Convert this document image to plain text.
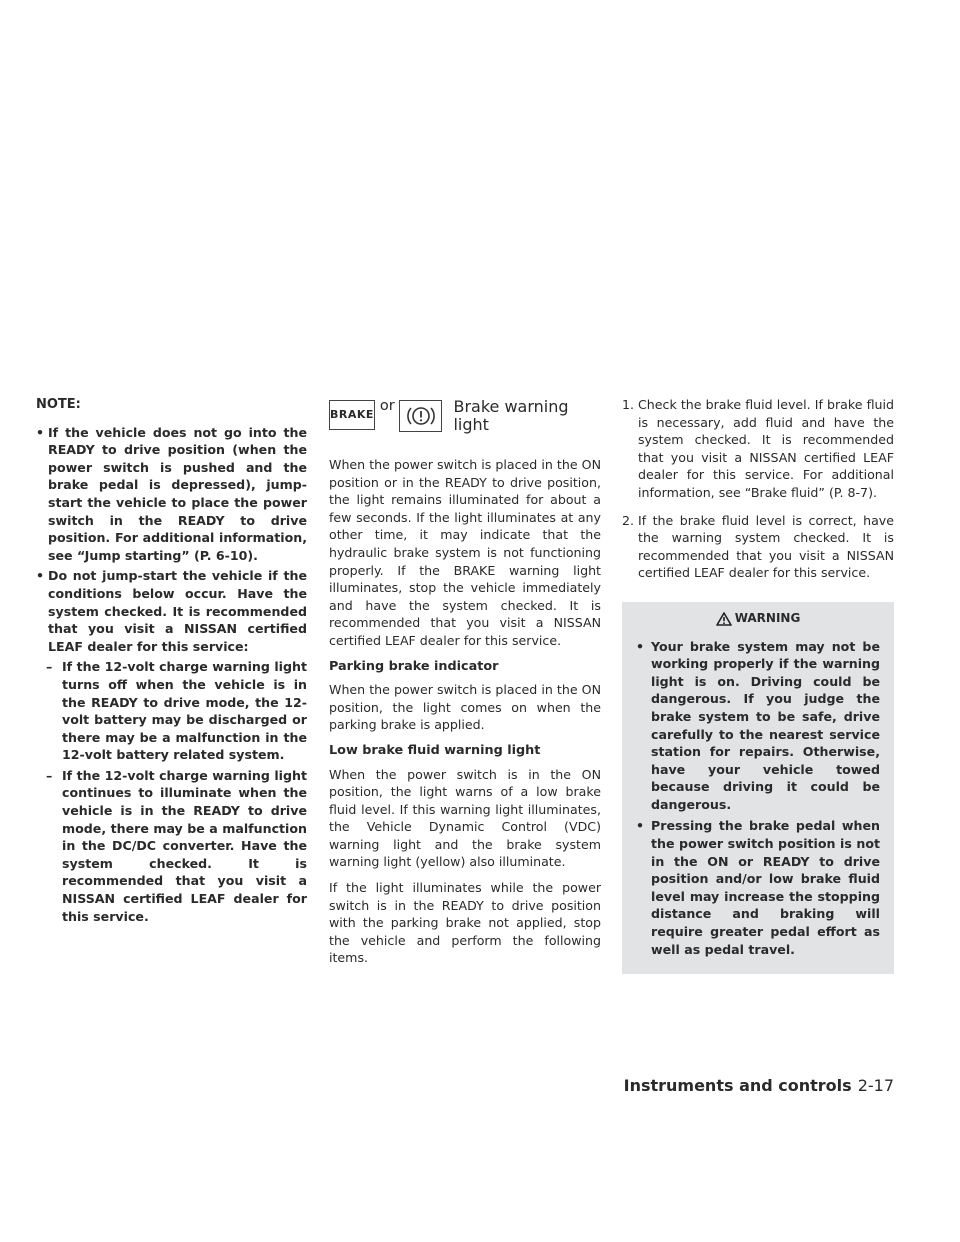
NOTE:
• If the vehicle does not go into the READY to drive position (when the power switch is pushed and the brake pedal is depressed), jump-start the vehicle to place the power switch in the READY to drive position. For additional information, see “Jump starting” (P. 6-10).
• Do not jump-start the vehicle if the conditions below occur. Have the system checked. It is recommended that you visit a NISSAN certified LEAF dealer for this service:
– If the 12-volt charge warning light turns off when the vehicle is in the READY to drive mode, the 12-volt battery may be discharged or there may be a malfunction in the 12-volt battery related system.
– If the 12-volt charge warning light continues to illuminate when the vehicle is in the READY to drive mode, there may be a malfunction in the DC/DC converter. Have the system checked. It is recommended that you visit a NISSAN certified LEAF dealer for this service.
BRAKE
or	Brake warning light

When the power switch is placed in the ON position or in the READY to drive position, the light remains illuminated for about a few seconds. If the light illuminates at any other time, it may indicate that the hydraulic brake system is not functioning properly. If the BRAKE warning light illuminates, stop the vehicle immediately and have the system checked. It is recommended that you visit a NISSAN certified LEAF dealer for this service.

Parking brake indicator

When the power switch is placed in the ON position, the light comes on when the parking brake is applied.

Low brake fluid warning light

When the power switch is in the ON position, the light warns of a low brake fluid level. If this warning light illuminates, the Vehicle Dynamic Control (VDC) warning light and the brake system warning light (yellow) also illuminate.

If the light illuminates while the power switch is in the READY to drive position with the parking brake not applied, stop the vehicle and perform the following items.

1. Check the brake fluid level. If brake fluid is necessary, add fluid and have the system checked. It is recommended that you visit a NISSAN certified LEAF dealer for this service. For additional information, see “Brake fluid” (P. 8-7).
2. If the brake fluid level is correct, have the warning system checked. It is recommended that you visit a NISSAN certified LEAF dealer for this service.
WARNING
• Your brake system may not be working properly if the warning light is on. Driving could be dangerous. If you judge the brake system to be safe, drive carefully to the nearest service station for repairs. Otherwise, have your vehicle towed because driving it could be dangerous.
• Pressing the brake pedal when the power switch position is not in the ON or READY to drive position and/or low brake fluid level may increase the stopping distance and braking will require greater pedal effort as well as pedal travel.
Instruments and controls 2-17
